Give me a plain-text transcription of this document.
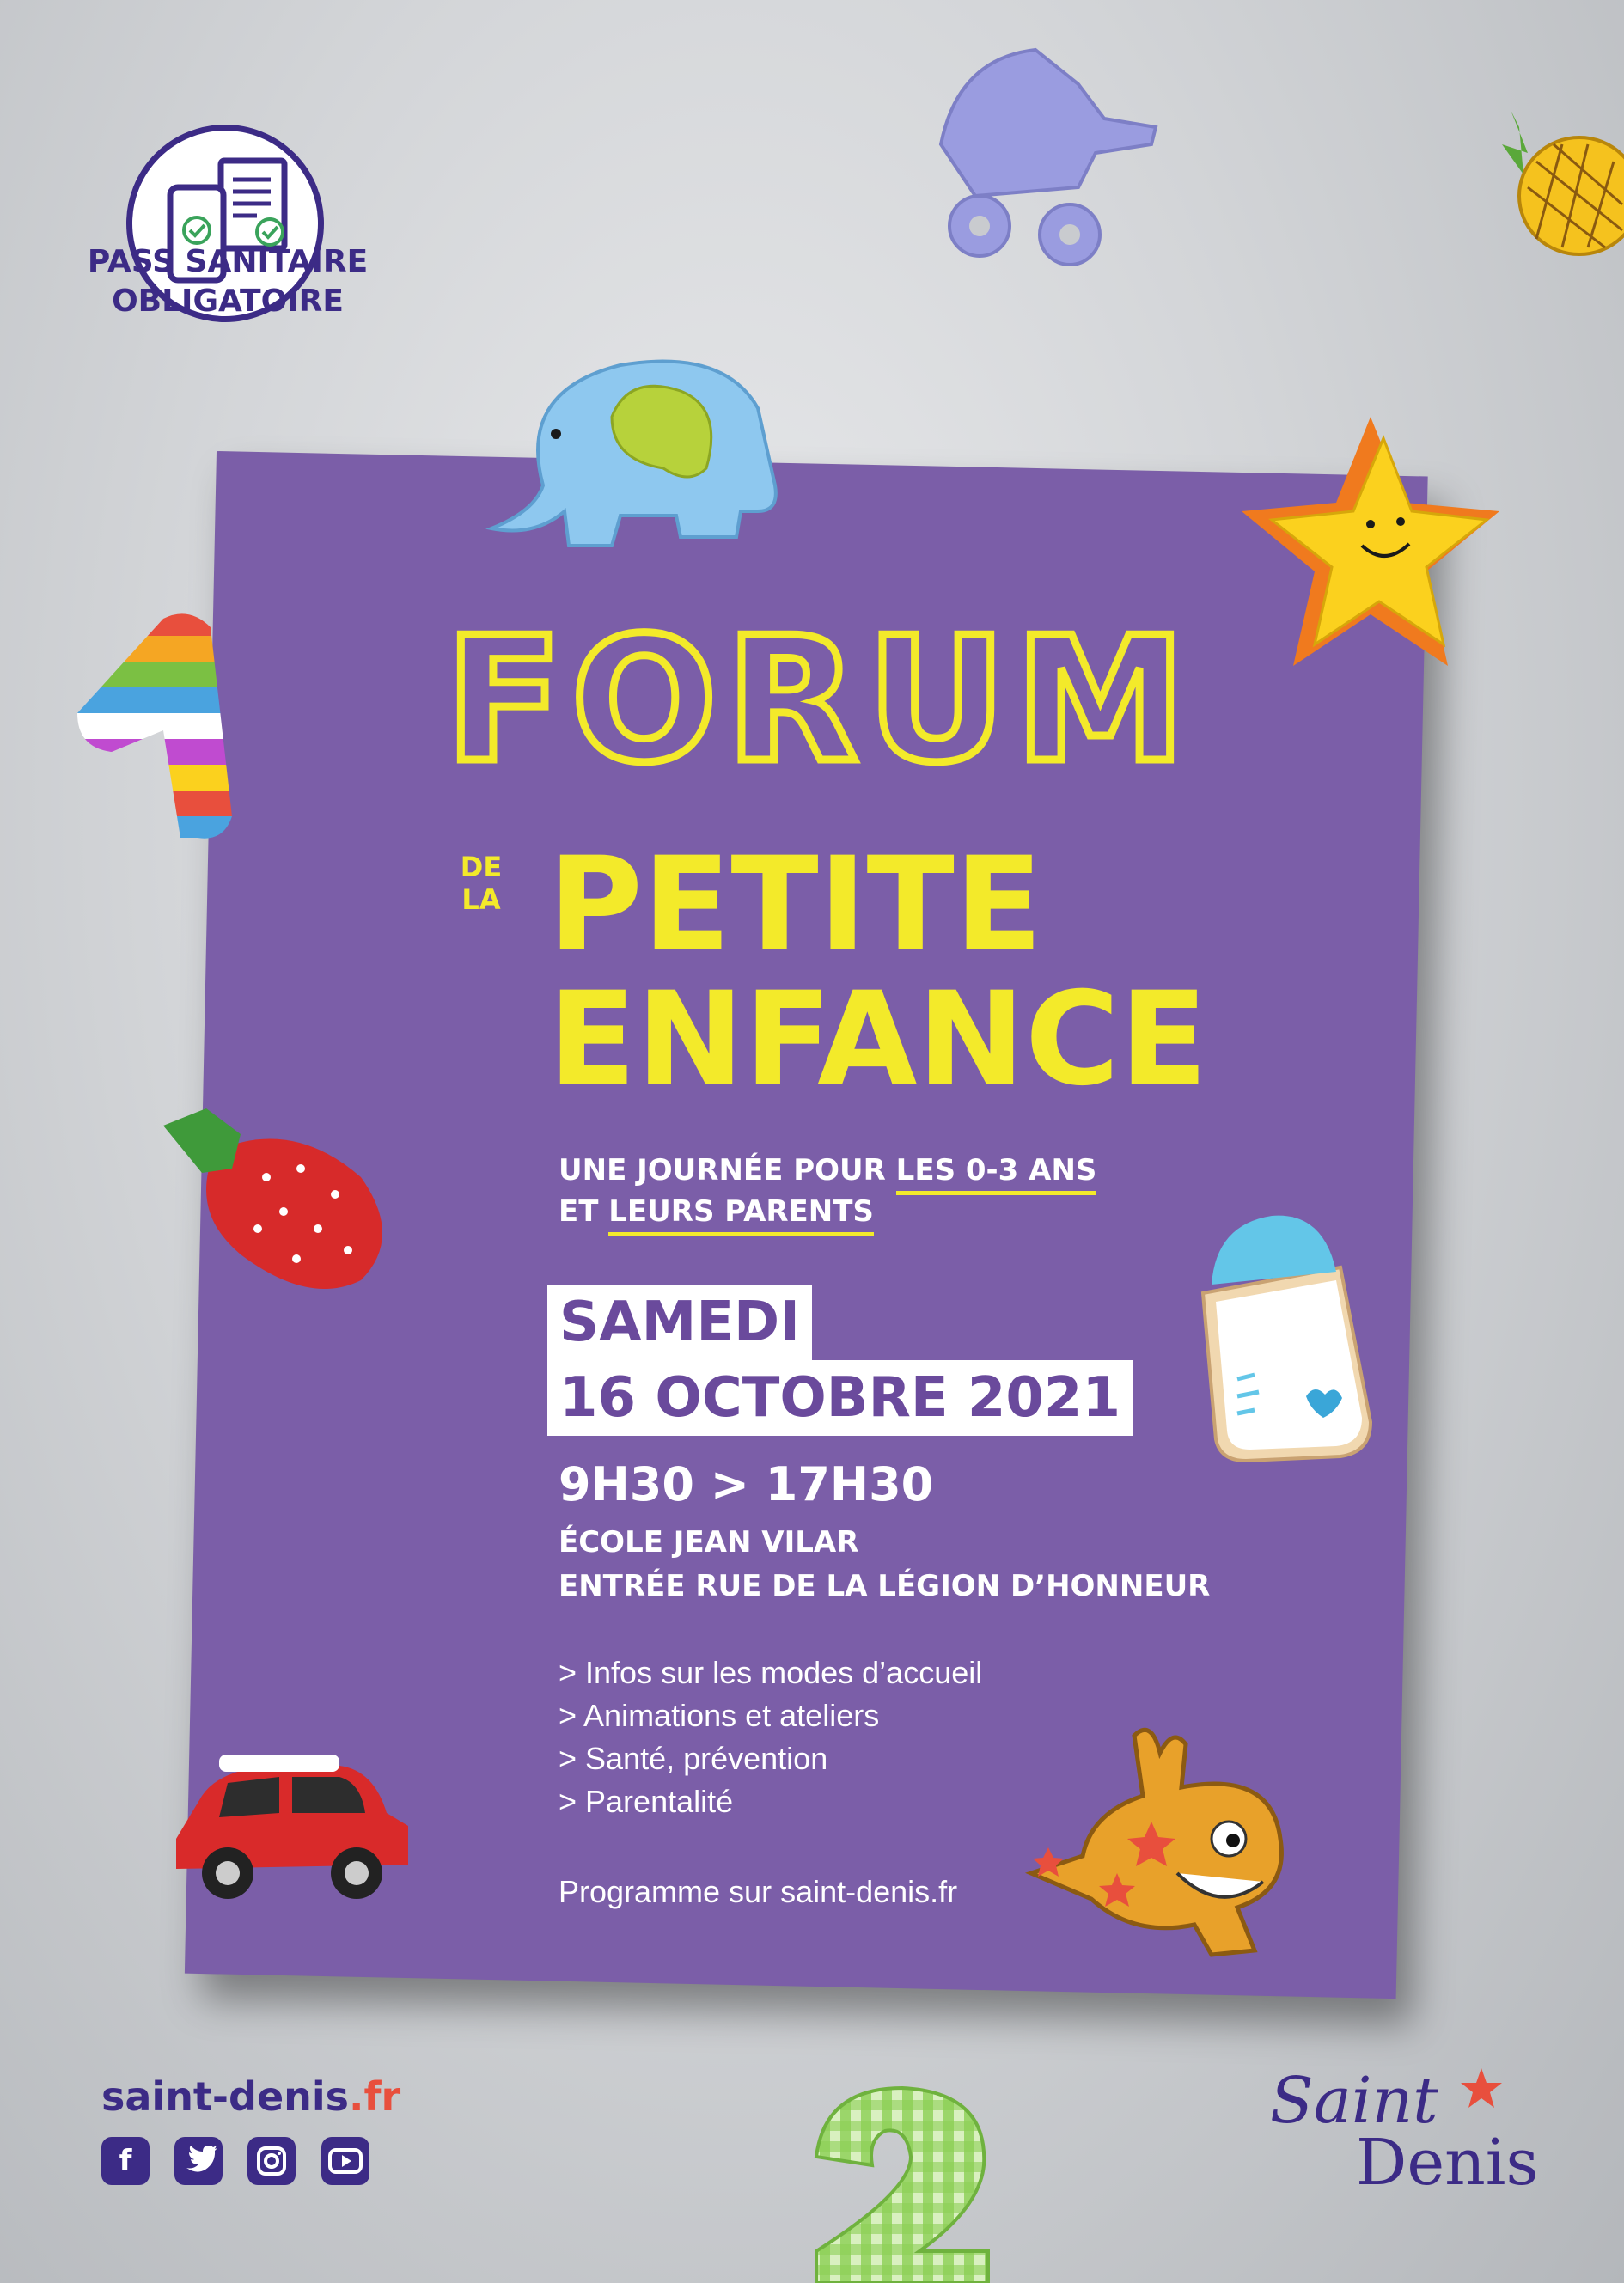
PASS SANITAIRE
OBLIGATOIRE
FORUM
DE
LA PETITE
ENFANCE
UNE JOURNÉE POUR LES 0-3 ANS
ET LEURS PARENTS
SAMEDI
16 OCTOBRE 2021
9H30 > 17H30
ÉCOLE JEAN VILAR
ENTRÉE RUE DE LA LÉGION D’HONNEUR
> Infos sur les modes d’accueil
> Animations et ateliers
> Santé, prévention
> Parentalité
Programme sur saint-denis.fr
saint-denis.fr
f
Saint
Denis
